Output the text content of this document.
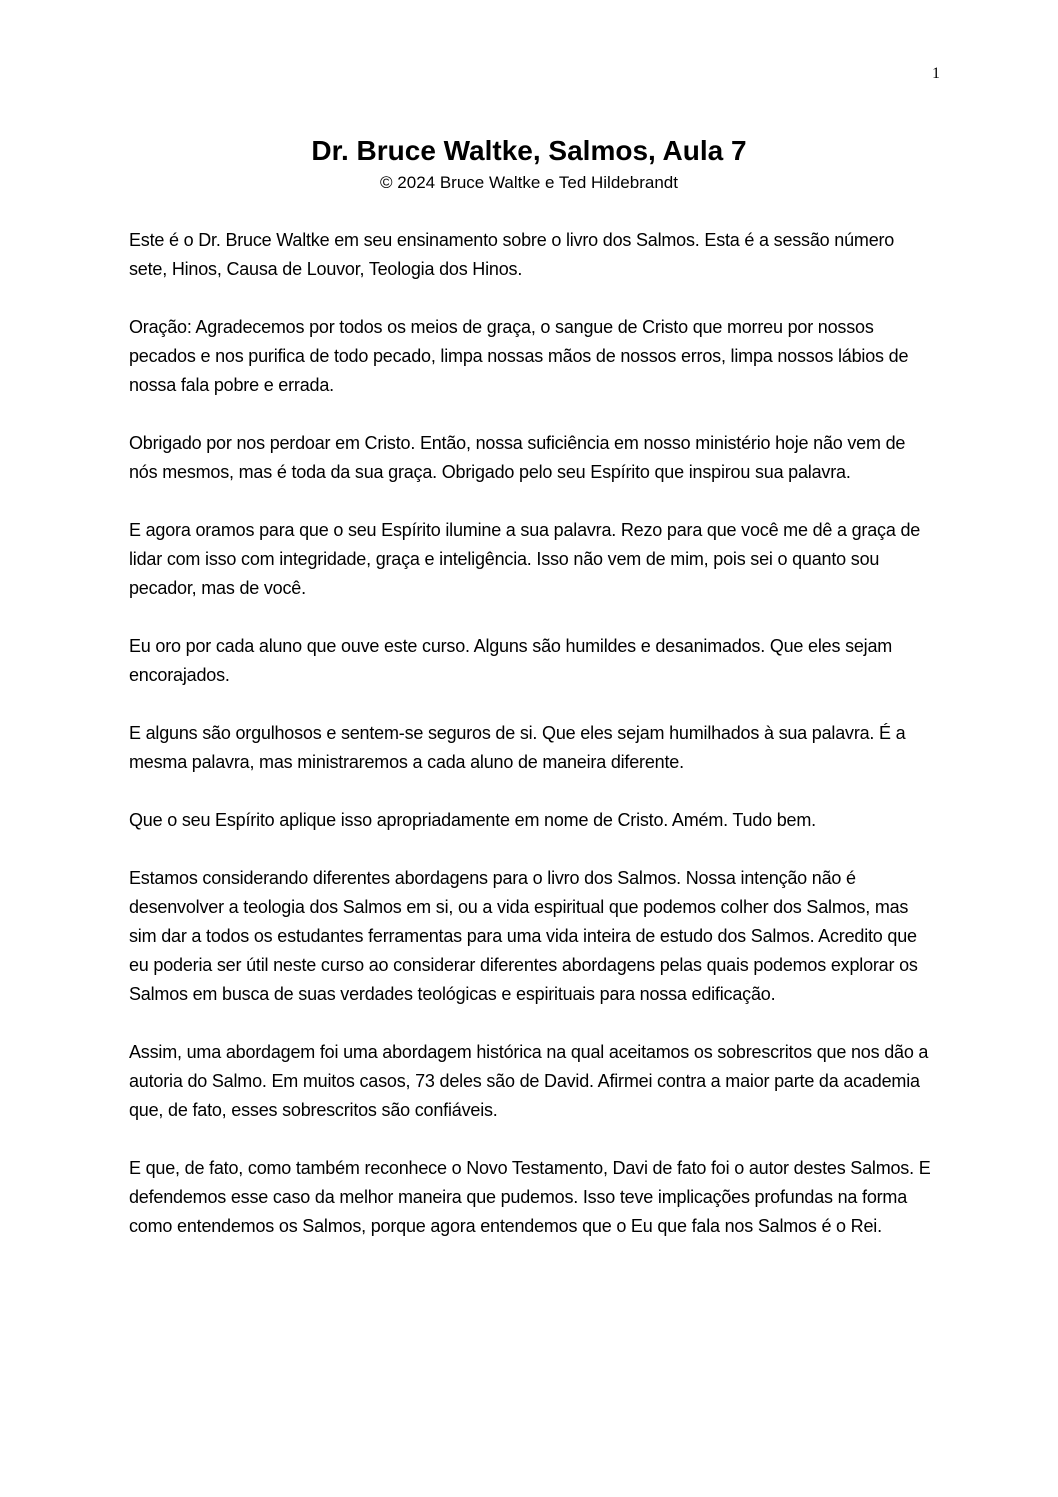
1
Dr. Bruce Waltke, Salmos, Aula 7

© 2024 Bruce Waltke e Ted Hildebrandt

Este é o Dr. Bruce Waltke em seu ensinamento sobre o livro dos Salmos. Esta é a sessão número sete, Hinos, Causa de Louvor, Teologia dos Hinos.

Oração: Agradecemos por todos os meios de graça, o sangue de Cristo que morreu por nossos pecados e nos purifica de todo pecado, limpa nossas mãos de nossos erros, limpa nossos lábios de nossa fala pobre e errada.

Obrigado por nos perdoar em Cristo. Então, nossa suficiência em nosso ministério hoje não vem de nós mesmos, mas é toda da sua graça. Obrigado pelo seu Espírito que inspirou sua palavra.

E agora oramos para que o seu Espírito ilumine a sua palavra. Rezo para que você me dê a graça de lidar com isso com integridade, graça e inteligência. Isso não vem de mim, pois sei o quanto sou pecador, mas de você.

Eu oro por cada aluno que ouve este curso. Alguns são humildes e desanimados. Que eles sejam encorajados.

E alguns são orgulhosos e sentem-se seguros de si. Que eles sejam humilhados à sua palavra. É a mesma palavra, mas ministraremos a cada aluno de maneira diferente.

Que o seu Espírito aplique isso apropriadamente em nome de Cristo. Amém. Tudo bem.

Estamos considerando diferentes abordagens para o livro dos Salmos. Nossa intenção não é desenvolver a teologia dos Salmos em si, ou a vida espiritual que podemos colher dos Salmos, mas sim dar a todos os estudantes ferramentas para uma vida inteira de estudo dos Salmos. Acredito que eu poderia ser útil neste curso ao considerar diferentes abordagens pelas quais podemos explorar os Salmos em busca de suas verdades teológicas e espirituais para nossa edificação.

Assim, uma abordagem foi uma abordagem histórica na qual aceitamos os sobrescritos que nos dão a autoria do Salmo. Em muitos casos, 73 deles são de David. Afirmei contra a maior parte da academia que, de fato, esses sobrescritos são confiáveis.

E que, de fato, como também reconhece o Novo Testamento, Davi de fato foi o autor destes Salmos. E defendemos esse caso da melhor maneira que pudemos. Isso teve implicações profundas na forma como entendemos os Salmos, porque agora entendemos que o Eu que fala nos Salmos é o Rei.
